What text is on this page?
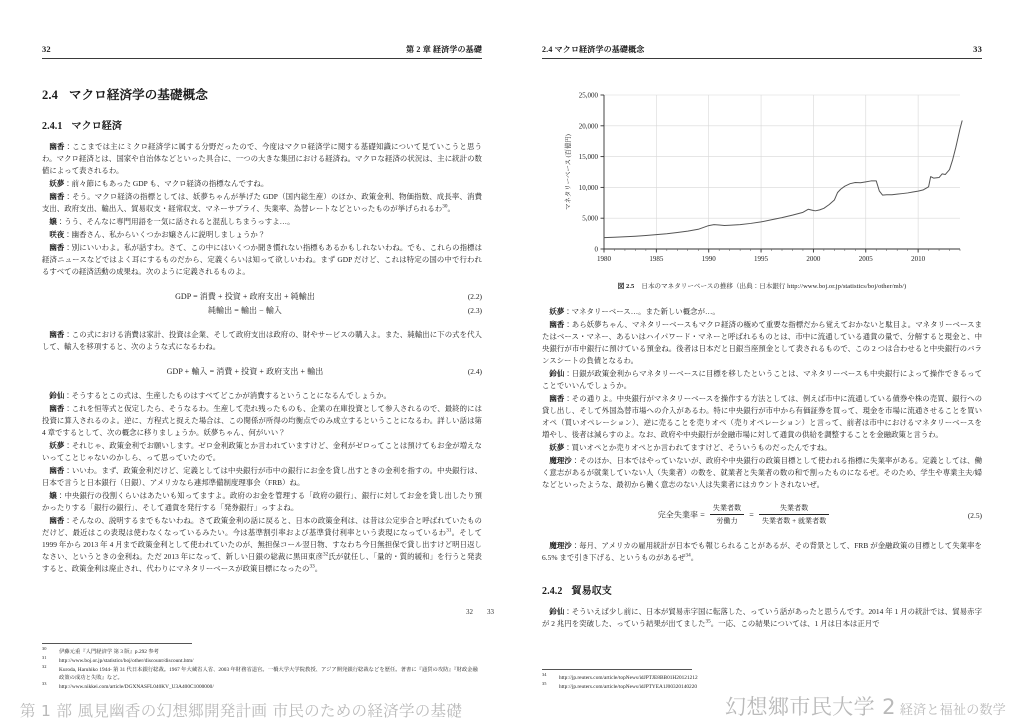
32	第 2 章 経済学の基礎
2.4 マクロ経済学の基礎概念
2.4.1 マクロ経済

幽香：ここまでは主にミクロ経済学に属する分野だったので、今度はマクロ経済学に関する基礎知識について見ていこうと思うわ。マクロ経済とは、国家や自治体などといった具合に、一つの大きな集団における経済ね。マクロな経済の状況は、主に統計の数値によって表されるわ。

妖夢：前々節にもあった GDP も、マクロ経済の指標なんですね。

幽香：そう。マクロ経済の指標としては、妖夢ちゃんが挙げた GDP（国内総生産）のほか、政策金利、物価指数、成長率、消費支出、政府支出、輸出入、貿易収支・経常収支、マネーサプライ、失業率、為替レートなどといったものが挙げられるわ$^{30}$。

嬢：うう、そんなに専門用語を一気に話されると混乱しちまうっすよ…。

咲夜：幽香さん、私からいくつかお嬢さんに説明しましょうか？

幽香：別にいいわよ。私が話すわ。さて、この中にはいくつか聞き慣れない指標もあるかもしれないわね。でも、これらの指標は経済ニュースなどではよく耳にするものだから、定義くらいは知って欲しいわね。まず GDP だけど、これは特定の国の中で行われるすべての経済活動の成果ね。次のように定義されるものよ。

GDP = 消費 + 投資 + 政府支出 + 純輸出	(2.2)
純輸出 = 輸出 − 輸入	(2.3)

幽香：この式における消費は家計、投資は企業、そして政府支出は政府の、財やサービスの購入よ。また、純輸出に下の式を代入して、輸入を移項すると、次のような式になるわね。

GDP + 輸入 = 消費 + 投資 + 政府支出 + 輸出	(2.4)

鈴仙：そうするとこの式は、生産したものはすべてどこかが消費するということになるんでしょうか。

幽香：これを恒等式と仮定したら、そうなるわ。生産して売れ残ったものも、企業の在庫投資として参入されるので、最終的には投資に算入されるのよ。逆に、方程式と捉えた場合は、この関係が所得の均衡点でのみ成立するということになるわ。詳しい話は第 4 章でするとして、次の概念に移りましょうか。妖夢ちゃん、何がいい？

妖夢：それじゃ、政策金利でお願いします。ゼロ金利政策とか言われていますけど、金利がゼロってことは預けてもお金が増えないってことじゃないのかしら、って思っていたので。

幽香：いいわ。まず、政策金利だけど、定義としては中央銀行が市中の銀行にお金を貸し出すときの金利を指すの。中央銀行は、日本で言うと日本銀行（日銀）、アメリカなら連邦準備制度理事会（FRB）ね。

嬢：中央銀行の役割くらいはあたいも知ってますよ。政府のお金を管理する「政府の銀行」、銀行に対してお金を貸し出したり預かったりする「銀行の銀行」、そして通貨を発行する「発券銀行」っすよね。

幽香：そんなの、説明するまでもないわね。さて政策金利の話に戻ると、日本の政策金利は、は昔は公定歩合と呼ばれていたものだけど、最近はこの表現は使わなくなっているみたい。今は基準割引率および基準貸付利率という表現になっているわ$^{31}$。そして 1999 年から 2013 年 4 月まで政策金利として使われていたのが、無担保コール翌日物、すなわち今日無担保で貸し出すけど明日返しなさい、というときの金利ね。ただ 2013 年になって、新しい日銀の総裁に黒田東彦$^{32}$氏が就任し、「量的・質的緩和」を行うと発表すると、政策金利は廃止され、代わりにマネタリーベースが政策目標になったの$^{33}$。

$^{30}$伊藤元重『入門経済学 第 3 版』p.292 参考

$^{31}$http://www.boj.or.jp/statistics/boj/other/discount/discount.htm/

$^{32}$Kuroda, Haruhiko 1944- 第 31 代日本銀行総裁。1967 年大蔵省入省、2003 年財務省退官。一橋大学大学院教授、アジア開発銀行総裁などを歴任。著書に『通貨の攻防』『財政金融政策の成功と失敗』など。

$^{33}$http://www.nikkei.com/article/DGXNASFL040KV_U3A400C1000000/

33
2.4 マクロ経済学の基礎概念
0
5,000
10,000
15,000
20,000
25,000
1980	1985	1990	1995	2000	2005	2010
マネタリーベース (百億円)
図 2.5 日本のマネタリーベースの推移（出典：日本銀行 http://www.boj.or.jp/statistics/boj/other/mb/)

妖夢：マネタリーベース…。また新しい概念が…。

幽香：あら妖夢ちゃん、マネタリーベースもマクロ経済の極めて重要な指標だから覚えておかないと駄目よ。マネタリーベースまたはベース・マネー、あるいはハイパワード・マネーと呼ばれるものとは、市中に流通している通貨の量で、分解すると現金と、中央銀行が市中銀行に預けている預金ね。後者は日本だと日銀当座預金として表されるもので、この 2 つは合わせると中央銀行のバランスシートの負債となるわ。

鈴仙：日銀が政策金利からマネタリーベースに目標を移したということは、マネタリーベースも中央銀行によって操作できるってことでいいんでしょうか。

幽香：その通りよ。中央銀行がマネタリーベースを操作する方法としては、例えば市中に流通している債券や株の売買、銀行への貸し出し、そして外国為替市場への介入があるわ。特に中央銀行が市中から有価証券を買って、現金を市場に流通させることを買いオペ（買いオペレーション）、逆に売ることを売りオペ（売りオペレーション）と言って、前者は市中におけるマネタリーベースを増やし、後者は減らすのよ。なお、政府や中央銀行が金融市場に対して通貨の供給を調整することを金融政策と言うわ。

妖夢：買いオペとか売りオペとか言われてますけど、そういうものだったんですね。

魔理沙：そのほか、日本ではやっていないが、政府や中央銀行の政策目標として使われる指標に失業率がある。定義としては、働く意志があるが就業していない人（失業者）の数を、就業者と失業者の数の和で割ったものになるぜ。そのため、学生や専業主夫/婦などといったような、最初から働く意志のない人は失業者にはカウントされないぜ。

完全失業率 = $\frac{\text{失業者数}}{\text{労働力}} = \frac{\text{失業者数}}{\text{失業者数 + 就業者数}}$	(2.5)

魔理沙：毎月、アメリカの雇用統計が日本でも報じられることがあるが、その背景として、FRB が金融政策の目標として失業率を 6.5% まで引き下げる、というものがあるぜ$^{34}$。

2.4.2 貿易収支

鈴仙：そういえば少し前に、日本が貿易赤字国に転落した、っていう話があったと思うんです。2014 年 1 月の統計では、貿易赤字が 2 兆円を突破した、っていう結果が出てました$^{35}$。一応、この結果については、1 月は日本は正月で

$^{34}$http://jp.reuters.com/article/topNews/idJPTJE8BB01H20121212

$^{35}$http://jp.reuters.com/article/topNews/idJPTYEA1J00320140220

32 33
第 1 部 風見幽香の幻想郷開発計画 市民のための経済学の基礎	幻想郷市民大学 2 経済と福祉の数学
